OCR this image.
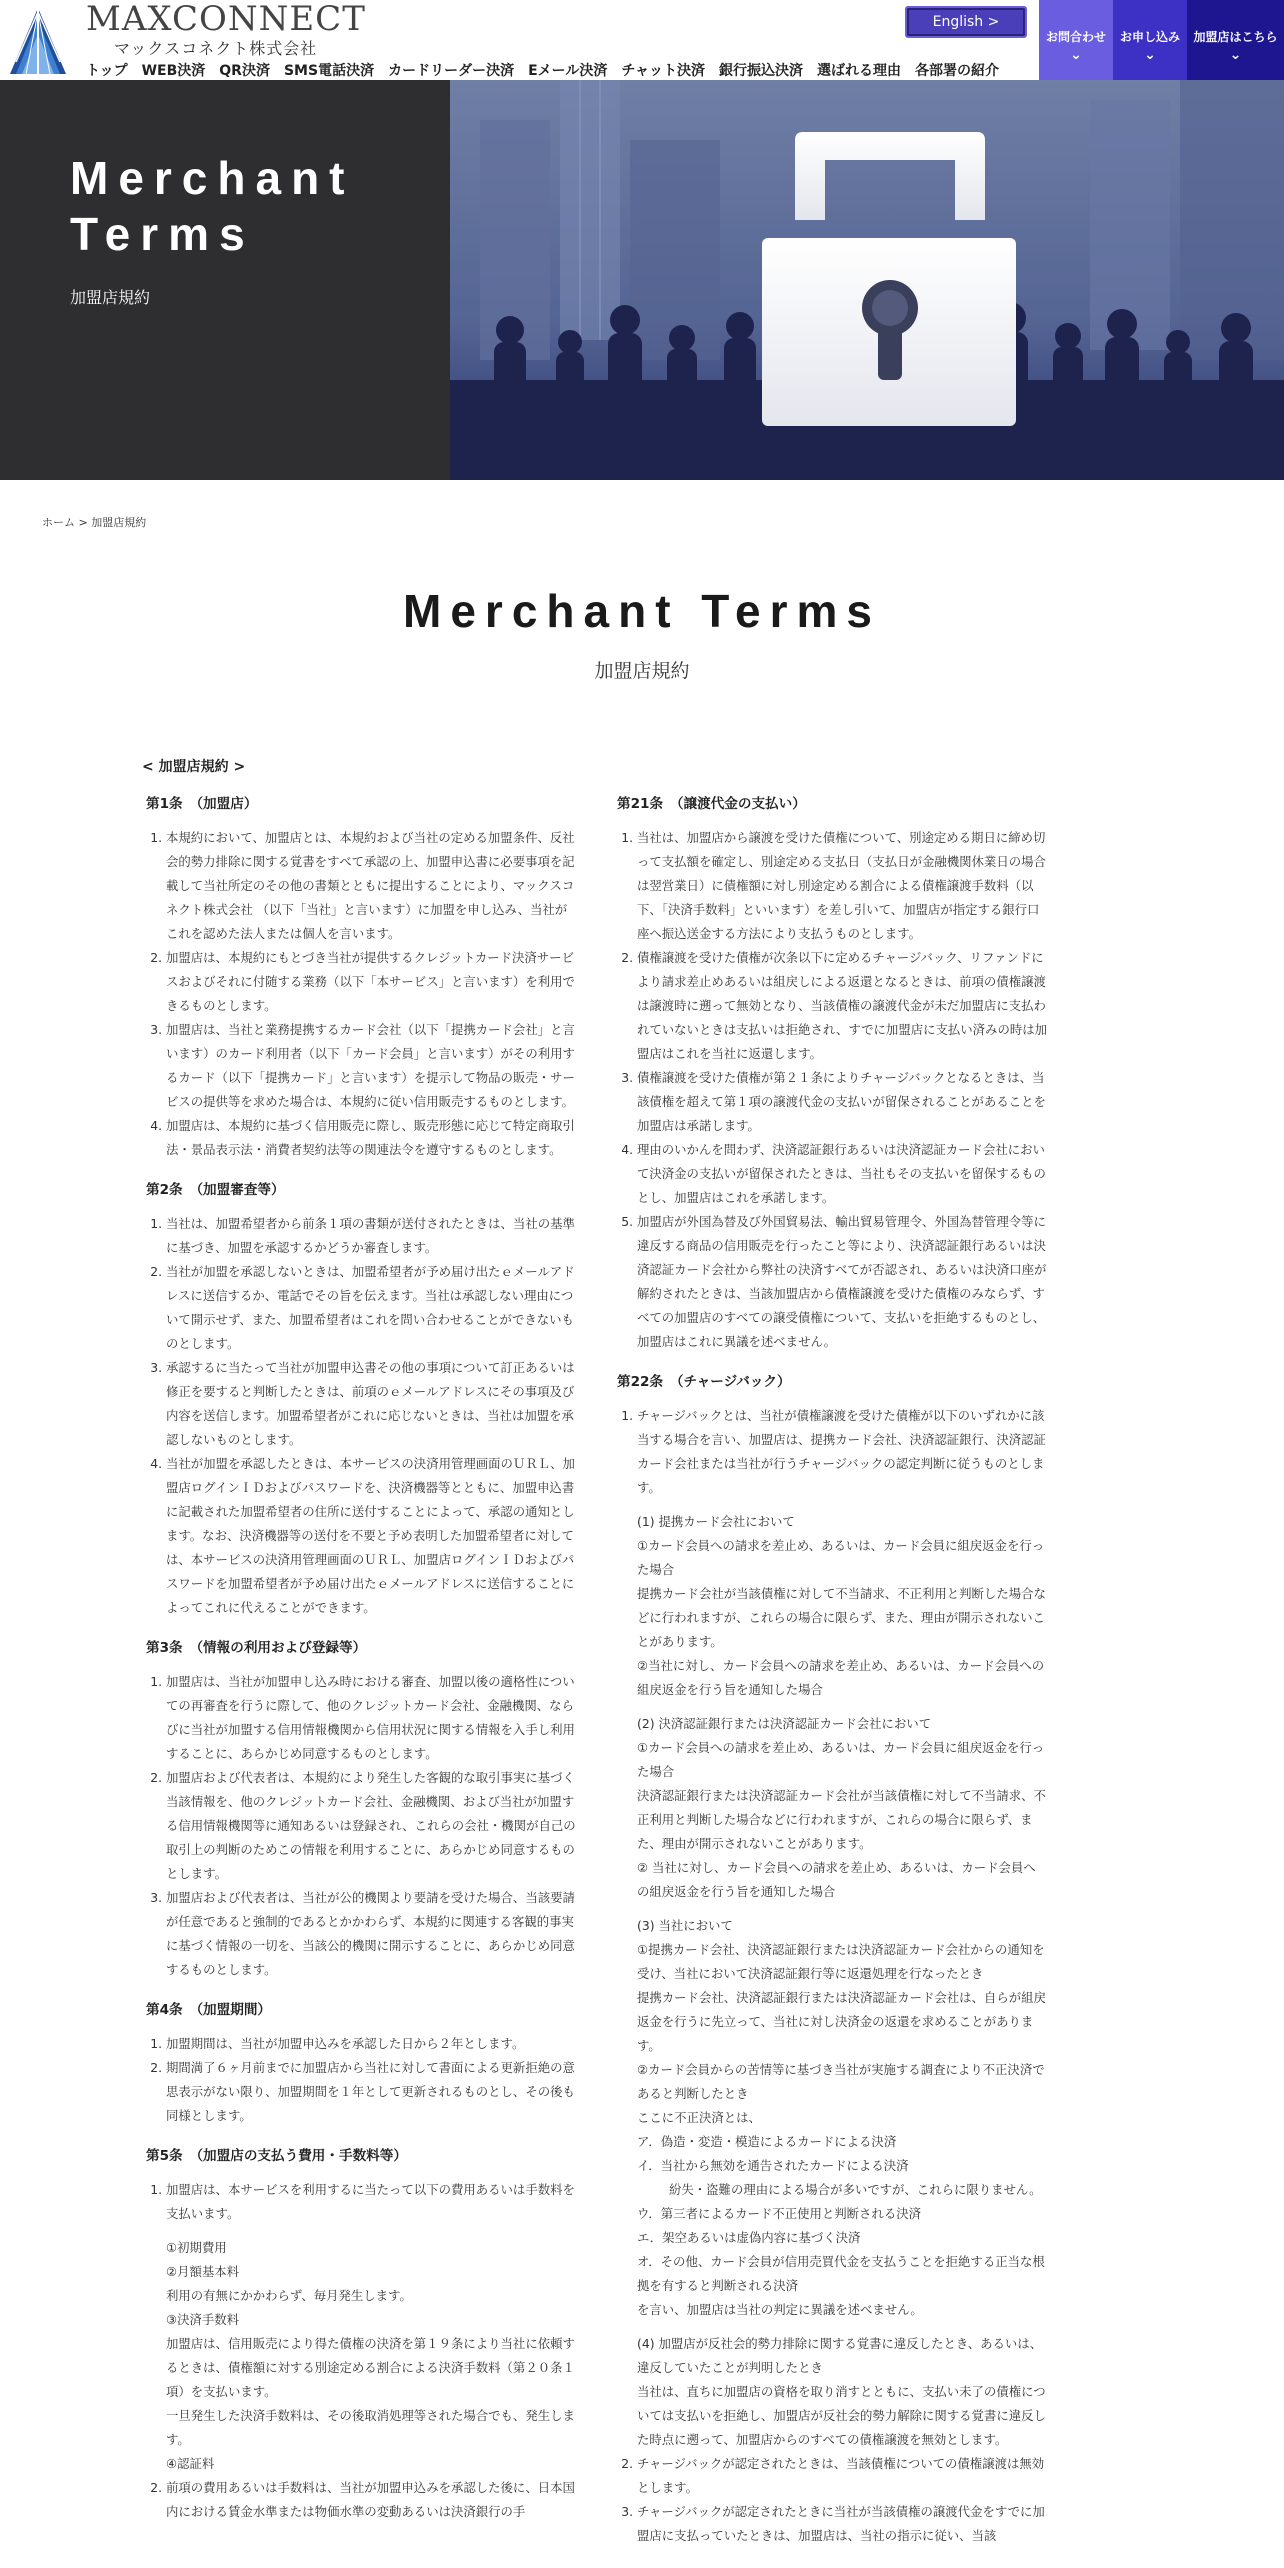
MAXCONNECT
マックスコネクト株式会社
トップ WEB決済 QR決済 SMS電話決済 カードリーダー決済 Eメール決済 チャット決済 銀行振込決済 選ばれる理由 各部署の紹介
English >
お問合わせ
⌄
お申し込み
⌄
加盟店はこちら
⌄
Merchant
Terms
加盟店規約
ホーム > 加盟店規約
Merchant Terms
加盟店規約
< 加盟店規約 >
第1条　（加盟店）
1. 本規約において、加盟店とは、本規約および当社の定める加盟条件、反社会的勢力排除に関する覚書をすべて承認の上、加盟申込書に必要事項を記載して当社所定のその他の書類とともに提出することにより、マックスコネクト株式会社 （以下「当社」と言います）に加盟を申し込み、当社がこれを認めた法人または個人を言います。
2. 加盟店は、本規約にもとづき当社が提供するクレジットカード決済サービスおよびそれに付随する業務（以下「本サービス」と言います）を利用できるものとします。
3. 加盟店は、当社と業務提携するカード会社（以下「提携カード会社」と言います）のカード利用者（以下「カード会員」と言います）がその利用するカード（以下「提携カード」と言います）を提示して物品の販売・サービスの提供等を求めた場合は、本規約に従い信用販売するものとします。
4. 加盟店は、本規約に基づく信用販売に際し、販売形態に応じて特定商取引法・景品表示法・消費者契約法等の関連法令を遵守するものとします。
第2条　（加盟審査等）
1. 当社は、加盟希望者から前条１項の書類が送付されたときは、当社の基準に基づき、加盟を承認するかどうか審査します。
2. 当社が加盟を承認しないときは、加盟希望者が予め届け出たｅメールアドレスに送信するか、電話でその旨を伝えます。当社は承認しない理由について開示せず、また、加盟希望者はこれを問い合わせることができないものとします。
3. 承認するに当たって当社が加盟申込書その他の事項について訂正あるいは修正を要すると判断したときは、前項のｅメールアドレスにその事項及び内容を送信します。加盟希望者がこれに応じないときは、当社は加盟を承認しないものとします。
4. 当社が加盟を承認したときは、本サービスの決済用管理画面のＵＲＬ、加盟店ログインＩＤおよびパスワードを、決済機器等とともに、加盟申込書に記載された加盟希望者の住所に送付することによって、承認の通知とします。なお、決済機器等の送付を不要と予め表明した加盟希望者に対しては、本サービスの決済用管理画面のＵＲＬ、加盟店ログインＩＤおよびパスワードを加盟希望者が予め届け出たｅメールアドレスに送信することによってこれに代えることができます。
第3条　（情報の利用および登録等）
1. 加盟店は、当社が加盟申し込み時における審査、加盟以後の適格性についての再審査を行うに際して、他のクレジットカード会社、金融機関、ならびに当社が加盟する信用情報機関から信用状況に関する情報を入手し利用することに、あらかじめ同意するものとします。
2. 加盟店および代表者は、本規約により発生した客観的な取引事実に基づく当該情報を、他のクレジットカード会社、金融機関、および当社が加盟する信用情報機関等に通知あるいは登録され、これらの会社・機関が自己の取引上の判断のためこの情報を利用することに、あらかじめ同意するものとします。
3. 加盟店および代表者は、当社が公的機関より要請を受けた場合、当該要請が任意であると強制的であるとかかわらず、本規約に関連する客観的事実に基づく情報の一切を、当該公的機関に開示することに、あらかじめ同意するものとします。
第4条　（加盟期間）
1. 加盟期間は、当社が加盟申込みを承認した日から２年とします。
2. 期間満了６ヶ月前までに加盟店から当社に対して書面による更新拒絶の意思表示がない限り、加盟期間を１年として更新されるものとし、その後も同様とします。
第5条　（加盟店の支払う費用・手数料等）
1. 加盟店は、本サービスを利用するに当たって以下の費用あるいは手数料を支払います。
①初期費用
②月額基本料
利用の有無にかかわらず、毎月発生します。
③決済手数料
加盟店は、信用販売により得た債権の決済を第１９条により当社に依頼するときは、債権額に対する別途定める割合による決済手数料（第２０条１項）を支払います。
一旦発生した決済手数料は、その後取消処理等された場合でも、発生します。
④認証料
2. 前項の費用あるいは手数料は、当社が加盟申込みを承認した後に、日本国内における賃金水準または物価水準の変動あるいは決済銀行の手
第21条　（譲渡代金の支払い）
1. 当社は、加盟店から譲渡を受けた債権について、別途定める期日に締め切って支払額を確定し、別途定める支払日（支払日が金融機関休業日の場合は翌営業日）に債権額に対し別途定める割合による債権譲渡手数料（以下、「決済手数料」といいます）を差し引いて、加盟店が指定する銀行口座へ振込送金する方法により支払うものとします。
2. 債権譲渡を受けた債権が次条以下に定めるチャージバック、リファンドにより請求差止めあるいは組戻しによる返還となるときは、前項の債権譲渡は譲渡時に遡って無効となり、当該債権の譲渡代金が未だ加盟店に支払われていないときは支払いは拒絶され、すでに加盟店に支払い済みの時は加盟店はこれを当社に返還します。
3. 債権譲渡を受けた債権が第２１条によりチャージバックとなるときは、当該債権を超えて第１項の譲渡代金の支払いが留保されることがあることを加盟店は承諾します。
4. 理由のいかんを問わず、決済認証銀行あるいは決済認証カード会社において決済金の支払いが留保されたときは、当社もその支払いを留保するものとし、加盟店はこれを承諾します。
5. 加盟店が外国為替及び外国貿易法、輸出貿易管理令、外国為替管理令等に違反する商品の信用販売を行ったこと等により、決済認証銀行あるいは決済認証カード会社から弊社の決済すべてが否認され、あるいは決済口座が解約されたときは、当該加盟店から債権譲渡を受けた債権のみならず、すべての加盟店のすべての譲受債権について、支払いを拒絶するものとし、加盟店はこれに異議を述べません。
第22条　（チャージバック）
1. チャージバックとは、当社が債権譲渡を受けた債権が以下のいずれかに該当する場合を言い、加盟店は、提携カード会社、決済認証銀行、決済認証カード会社または当社が行うチャージバックの認定判断に従うものとします。
(1) 提携カード会社において
①カード会員への請求を差止め、あるいは、カード会員に組戻返金を行った場合
提携カード会社が当該債権に対して不当請求、不正利用と判断した場合などに行われますが、これらの場合に限らず、また、理由が開示されないことがあります。
②当社に対し、カード会員への請求を差止め、あるいは、カード会員への組戻返金を行う旨を通知した場合
(2) 決済認証銀行または決済認証カード会社において
①カード会員への請求を差止め、あるいは、カード会員に組戻返金を行った場合
決済認証銀行または決済認証カード会社が当該債権に対して不当請求、不正利用と判断した場合などに行われますが、これらの場合に限らず、また、理由が開示されないことがあります。
② 当社に対し、カード会員への請求を差止め、あるいは、カード会員への組戻返金を行う旨を通知した場合
(3) 当社において
①提携カード会社、決済認証銀行または決済認証カード会社からの通知を受け、当社において決済認証銀行等に返還処理を行なったとき
提携カード会社、決済認証銀行または決済認証カード会社は、自らが組戻返金を行うに先立って、当社に対し決済金の返還を求めることがあります。
②カード会員からの苦情等に基づき当社が実施する調査により不正決済であると判断したとき
ここに不正決済とは、
ア．偽造・変造・模造によるカードによる決済
イ．当社から無効を通告されたカードによる決済
紛失・盗難の理由による場合が多いですが、これらに限りません。
ウ．第三者によるカード不正使用と判断される決済
エ．架空あるいは虚偽内容に基づく決済
オ．その他、カード会員が信用売買代金を支払うことを拒絶する正当な根拠を有すると判断される決済
を言い、加盟店は当社の判定に異議を述べません。
(4) 加盟店が反社会的勢力排除に関する覚書に違反したとき、あるいは、違反していたことが判明したとき
当社は、直ちに加盟店の資格を取り消すとともに、支払い未了の債権については支払いを拒絶し、加盟店が反社会的勢力解除に関する覚書に違反した時点に遡って、加盟店からのすべての債権譲渡を無効とします。
2. チャージバックが認定されたときは、当該債権についての債権譲渡は無効とします。
3. チャージバックが認定されたときに当社が当該債権の譲渡代金をすでに加盟店に支払っていたときは、加盟店は、当社の指示に従い、当該
